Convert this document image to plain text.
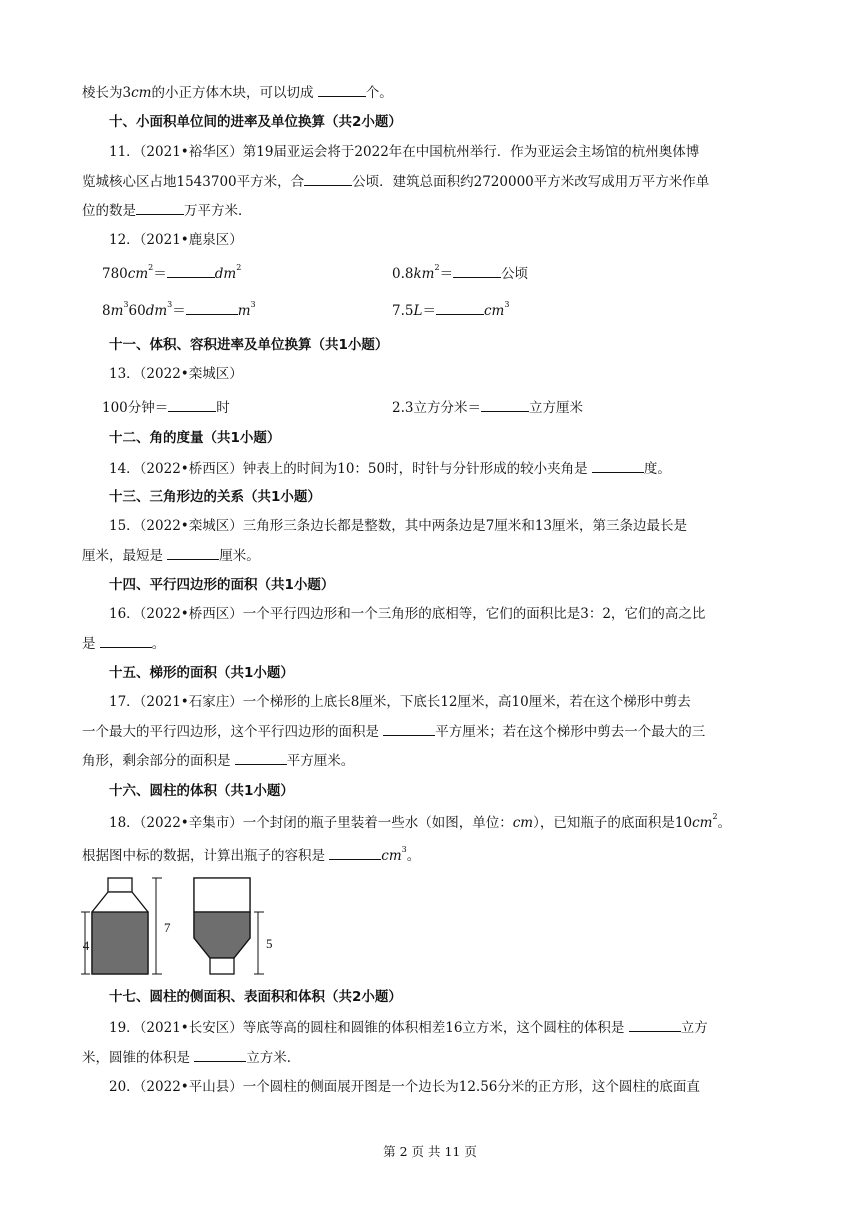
棱长为3cm的小正方体木块，可以切成	个。
十、小面积单位间的进率及单位换算（共2小题）
11．（2021•裕华区）第19届亚运会将于2022年在中国杭州举行．作为亚运会主场馆的杭州奥体博
览城核心区占地1543700平方米，合	公顷．建筑总面积约2720000平方米改写成用万平方米作单
位的数是	万平方米．
12．（2021•鹿泉区）
$780cm^2=$	$dm^2$	$0.8km^2=$	公顷
$8m^360dm^3=$	$m^3$	7.5L＝	$cm^3$
十一、体积、容积进率及单位换算（共1小题）
13．（2022•栾城区）
100分钟＝	时	2.3立方分米＝	立方厘米
十二、角的度量（共1小题）
14．（2022•桥西区）钟表上的时间为10：50时，时针与分针形成的较小夹角是	度。
十三、三角形边的关系（共1小题）
15．（2022•栾城区）三角形三条边长都是整数，其中两条边是7厘米和13厘米，第三条边最长是
厘米，最短是	厘米。
十四、平行四边形的面积（共1小题）
16．（2022•桥西区）一个平行四边形和一个三角形的底相等，它们的面积比是3：2，它们的高之比
是	。
十五、梯形的面积（共1小题）
17．（2021•石家庄）一个梯形的上底长8厘米，下底长12厘米，高10厘米，若在这个梯形中剪去
一个最大的平行四边形，这个平行四边形的面积是	平方厘米；若在这个梯形中剪去一个最大的三
角形，剩余部分的面积是	平方厘米。
十六、圆柱的体积（共1小题）
18．（2022•辛集市）一个封闭的瓶子里装着一些水（如图，单位：cm），已知瓶子的底面积是$10cm^2$。
根据图中标的数据，计算出瓶子的容积是	$cm^3$。
4
7
5
十七、圆柱的侧面积、表面积和体积（共2小题）
19．（2021•长安区）等底等高的圆柱和圆锥的体积相差16立方米，这个圆柱的体积是	立方
米，圆锥的体积是	立方米．
20．（2022•平山县）一个圆柱的侧面展开图是一个边长为12.56分米的正方形，这个圆柱的底面直
第 2 页 共 11 页
